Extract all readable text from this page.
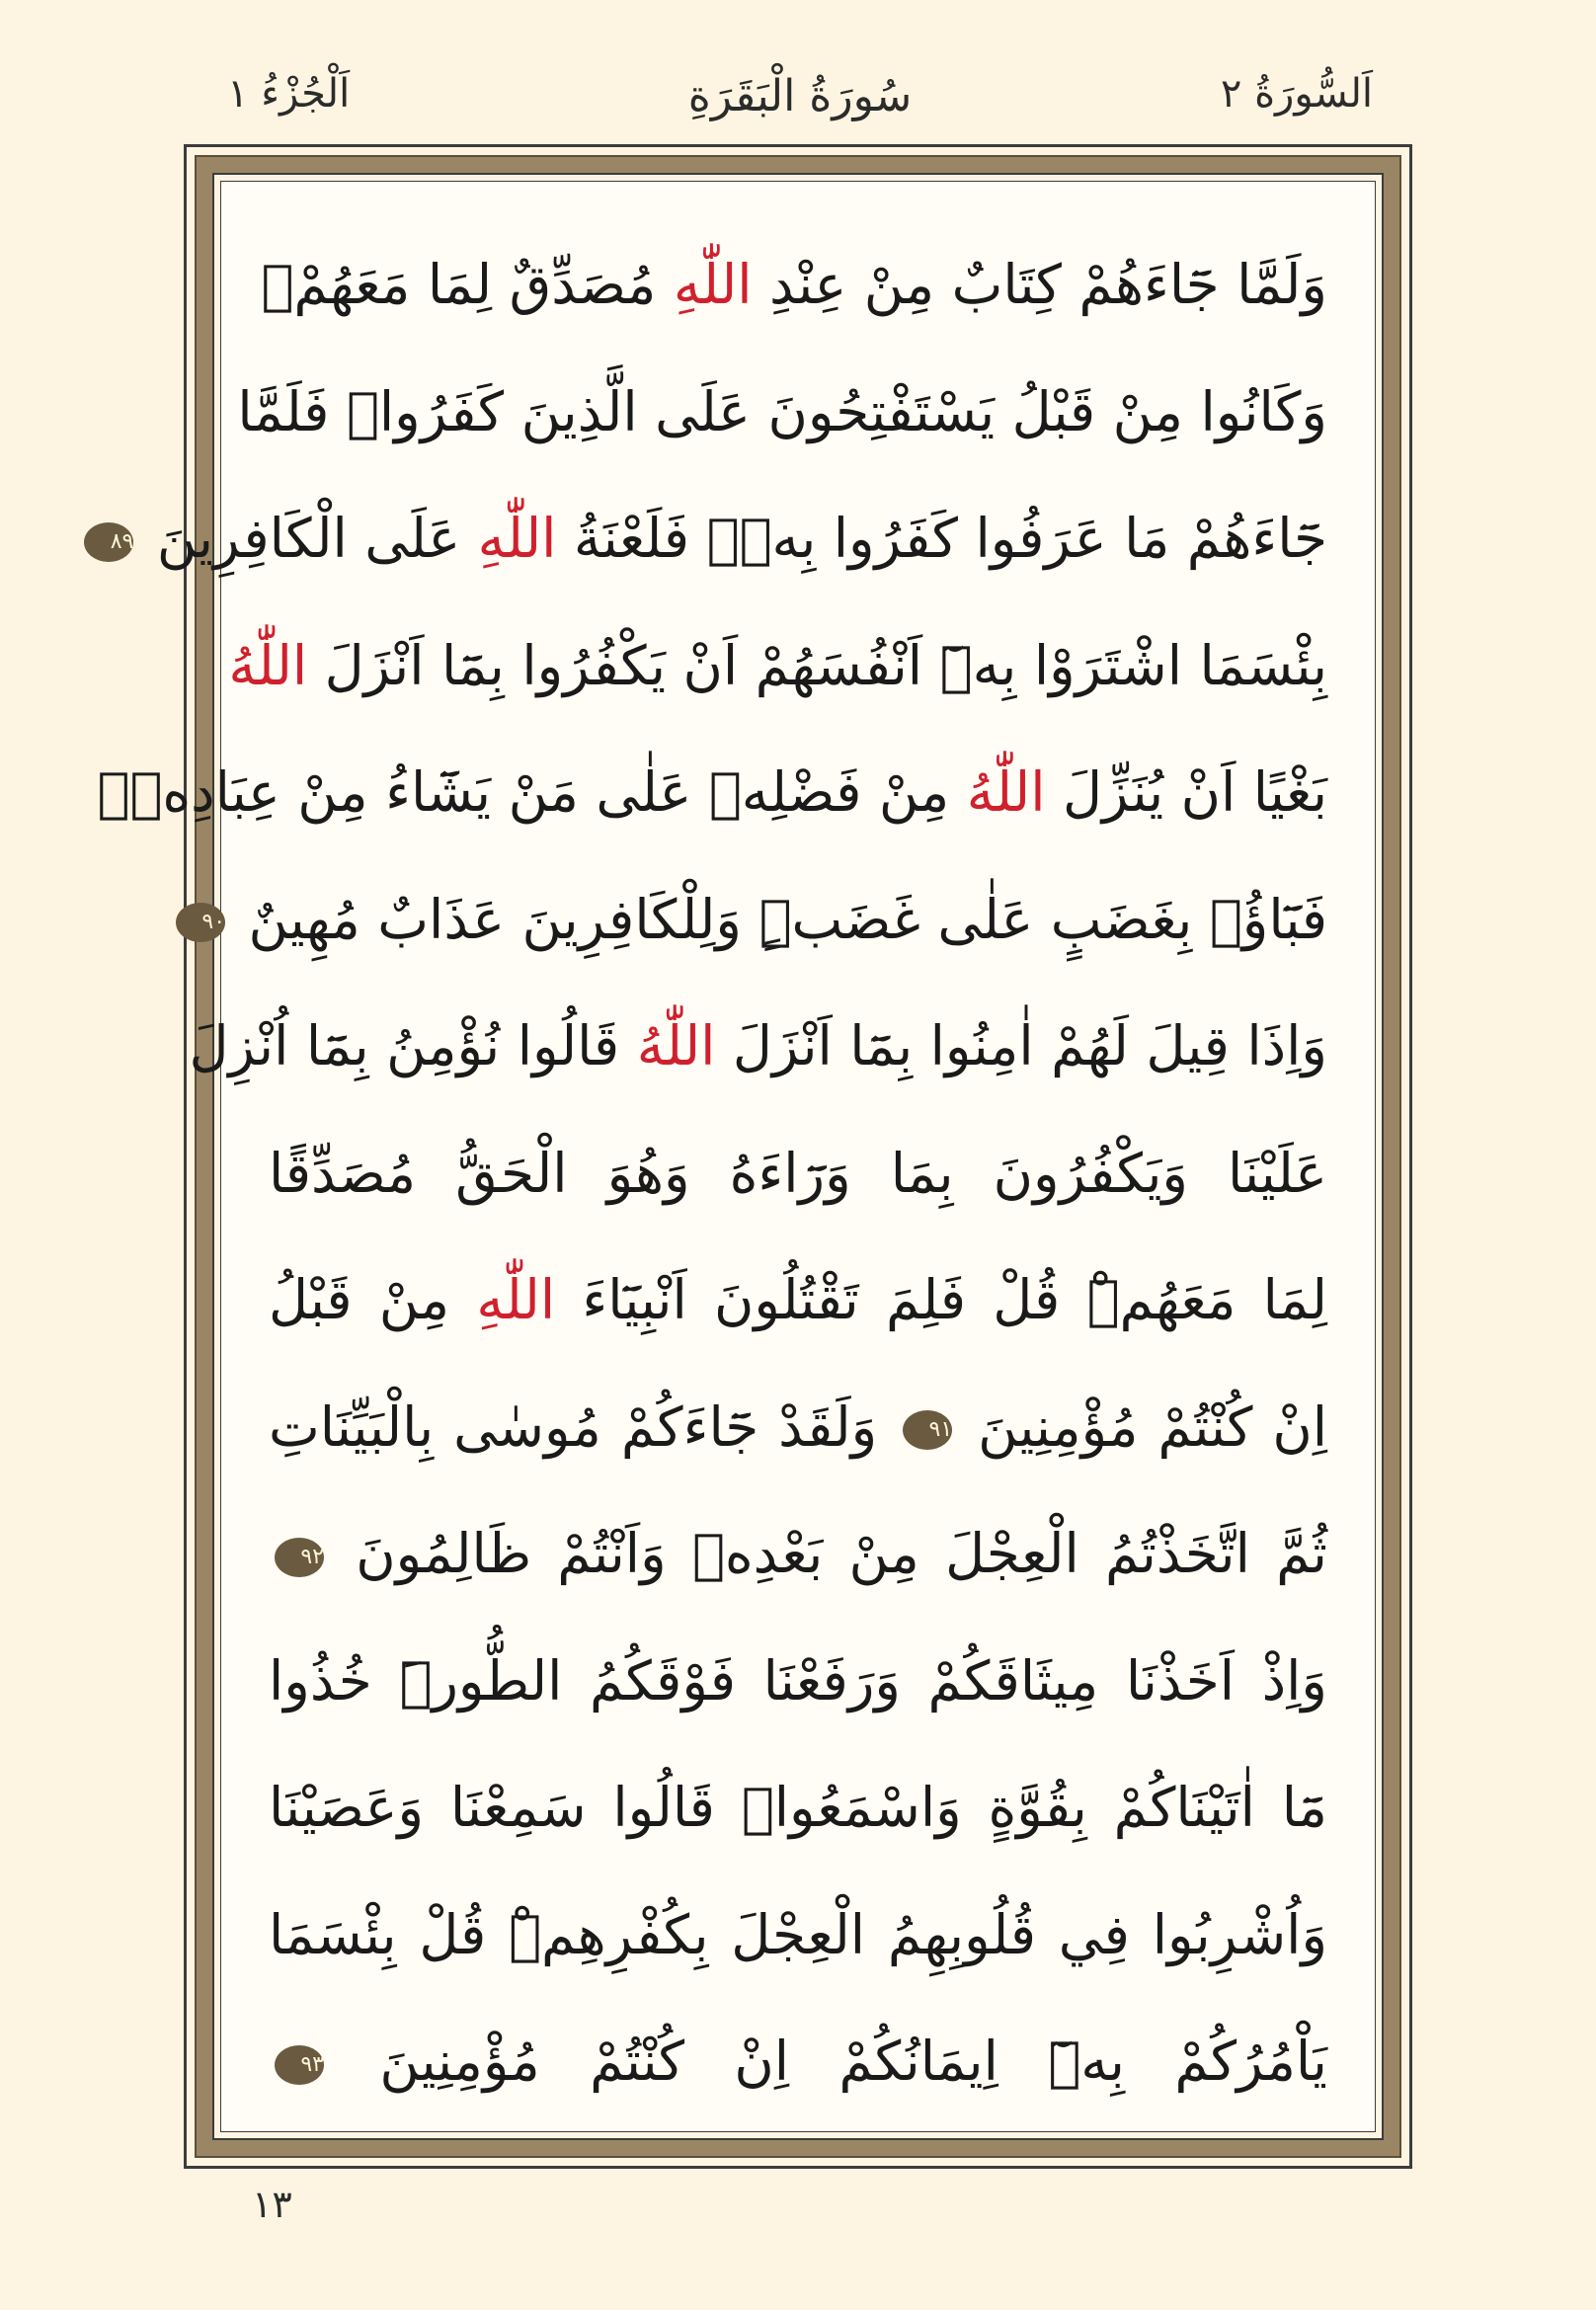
اَلسُّورَةُ ٢
سُورَةُ الْبَقَرَةِ
اَلْجُزْءُ ١
وَلَمَّا جَٓاءَهُمْ كِتَابٌ مِنْ عِنْدِ اللّٰهِ مُصَدِّقٌ لِمَا مَعَهُمْۙ
وَكَانُوا مِنْ قَبْلُ يَسْتَفْتِحُونَ عَلَى الَّذِينَ كَفَرُواۚ فَلَمَّا
جَٓاءَهُمْ مَا عَرَفُوا كَفَرُوا بِهٖۘ فَلَعْنَةُ اللّٰهِ عَلَى الْكَافِرِينَ ٨٩
بِئْسَمَا اشْتَرَوْا بِهٖٓ اَنْفُسَهُمْ اَنْ يَكْفُرُوا بِمَٓا اَنْزَلَ اللّٰهُ
بَغْيًا اَنْ يُنَزِّلَ اللّٰهُ مِنْ فَضْلِهٖ عَلٰى مَنْ يَشَٓاءُ مِنْ عِبَادِهٖۚ
فَبَٓاؤُ۫ بِغَضَبٍ عَلٰى غَضَبٍۜ وَلِلْكَافِرِينَ عَذَابٌ مُهِينٌ ٩٠
وَاِذَا قِيلَ لَهُمْ اٰمِنُوا بِمَٓا اَنْزَلَ اللّٰهُ قَالُوا نُؤْمِنُ بِمَٓا اُنْزِلَ
عَلَيْنَا وَيَكْفُرُونَ بِمَا وَرَٓاءَهُ وَهُوَ الْحَقُّ مُصَدِّقًا
لِمَا مَعَهُمْۜ قُلْ فَلِمَ تَقْتُلُونَ اَنْبِيَٓاءَ اللّٰهِ مِنْ قَبْلُ
اِنْ كُنْتُمْ مُؤْمِنِينَ ٩١ وَلَقَدْ جَٓاءَكُمْ مُوسٰى بِالْبَيِّنَاتِ
ثُمَّ اتَّخَذْتُمُ الْعِجْلَ مِنْ بَعْدِهٖ وَاَنْتُمْ ظَالِمُونَ ٩٢
وَاِذْ اَخَذْنَا مِيثَاقَكُمْ وَرَفَعْنَا فَوْقَكُمُ الطُّورَۜ خُذُوا
مَٓا اٰتَيْنَاكُمْ بِقُوَّةٍ وَاسْمَعُواۜ قَالُوا سَمِعْنَا وَعَصَيْنَا
وَاُشْرِبُوا فِي قُلُوبِهِمُ الْعِجْلَ بِكُفْرِهِمْۜ قُلْ بِئْسَمَا
يَاْمُرُكُمْ بِهٖٓ اِيمَانُكُمْ اِنْ كُنْتُمْ مُؤْمِنِينَ ٩٣
١٣
